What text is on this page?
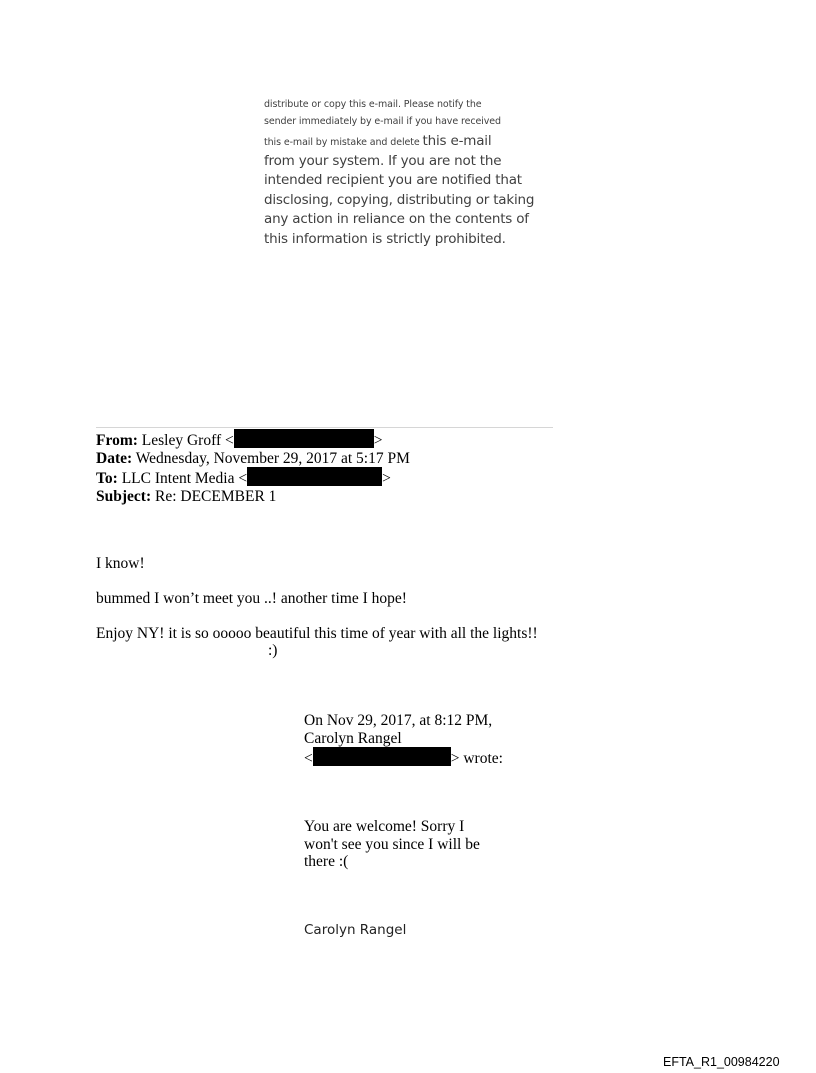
distribute or copy this e-mail. Please notify the
sender immediately by e-mail if you have received
this e-mail by mistake and delete this e-mail
from your system. If you are not the intended recipient you are notified that disclosing, copying, distributing or taking any action in reliance on the contents of this information is strictly prohibited.
From: Lesley Groff <	>
Date: Wednesday, November 29, 2017 at 5:17 PM
To: LLC Intent Media <	>
Subject: Re: DECEMBER 1
I know!
bummed I won’t meet you ..! another time I hope!
Enjoy NY! it is so ooooo beautiful this time of year with all the lights!!
:)
On Nov 29, 2017, at 8:12 PM,
Carolyn Rangel
<	> wrote:
You are welcome! Sorry I
won't see you since I will be
there :(
Carolyn Rangel
EFTA_R1_00984220
